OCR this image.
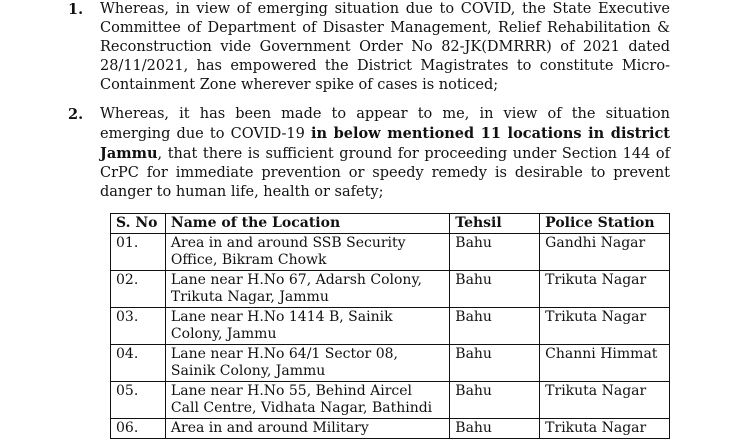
1. Whereas, in view of emerging situation due to COVID, the State Executive Committee of Department of Disaster Management, Relief Rehabilitation & Reconstruction vide Government Order No 82-JK(DMRRR) of 2021 dated 28/11/2021, has empowered the District Magistrates to constitute Micro-Containment Zone wherever spike of cases is noticed;
2. Whereas, it has been made to appear to me, in view of the situation emerging due to COVID-19 in below mentioned 11 locations in district Jammu, that there is sufficient ground for proceeding under Section 144 of CrPC for immediate prevention or speedy remedy is desirable to prevent danger to human life, health or safety;
S. No	Name of the Location	Tehsil	Police Station
01.	Area in and around SSB Security Office, Bikram Chowk	Bahu	Gandhi Nagar
02.	Lane near H.No 67, Adarsh Colony, Trikuta Nagar, Jammu	Bahu	Trikuta Nagar
03.	Lane near H.No 1414 B, Sainik Colony, Jammu	Bahu	Trikuta Nagar
04.	Lane near H.No 64/1 Sector 08, Sainik Colony, Jammu	Bahu	Channi Himmat
05.	Lane near H.No 55, Behind Aircel Call Centre, Vidhata Nagar, Bathindi	Bahu	Trikuta Nagar
06.	Area in and around Military	Bahu	Trikuta Nagar
